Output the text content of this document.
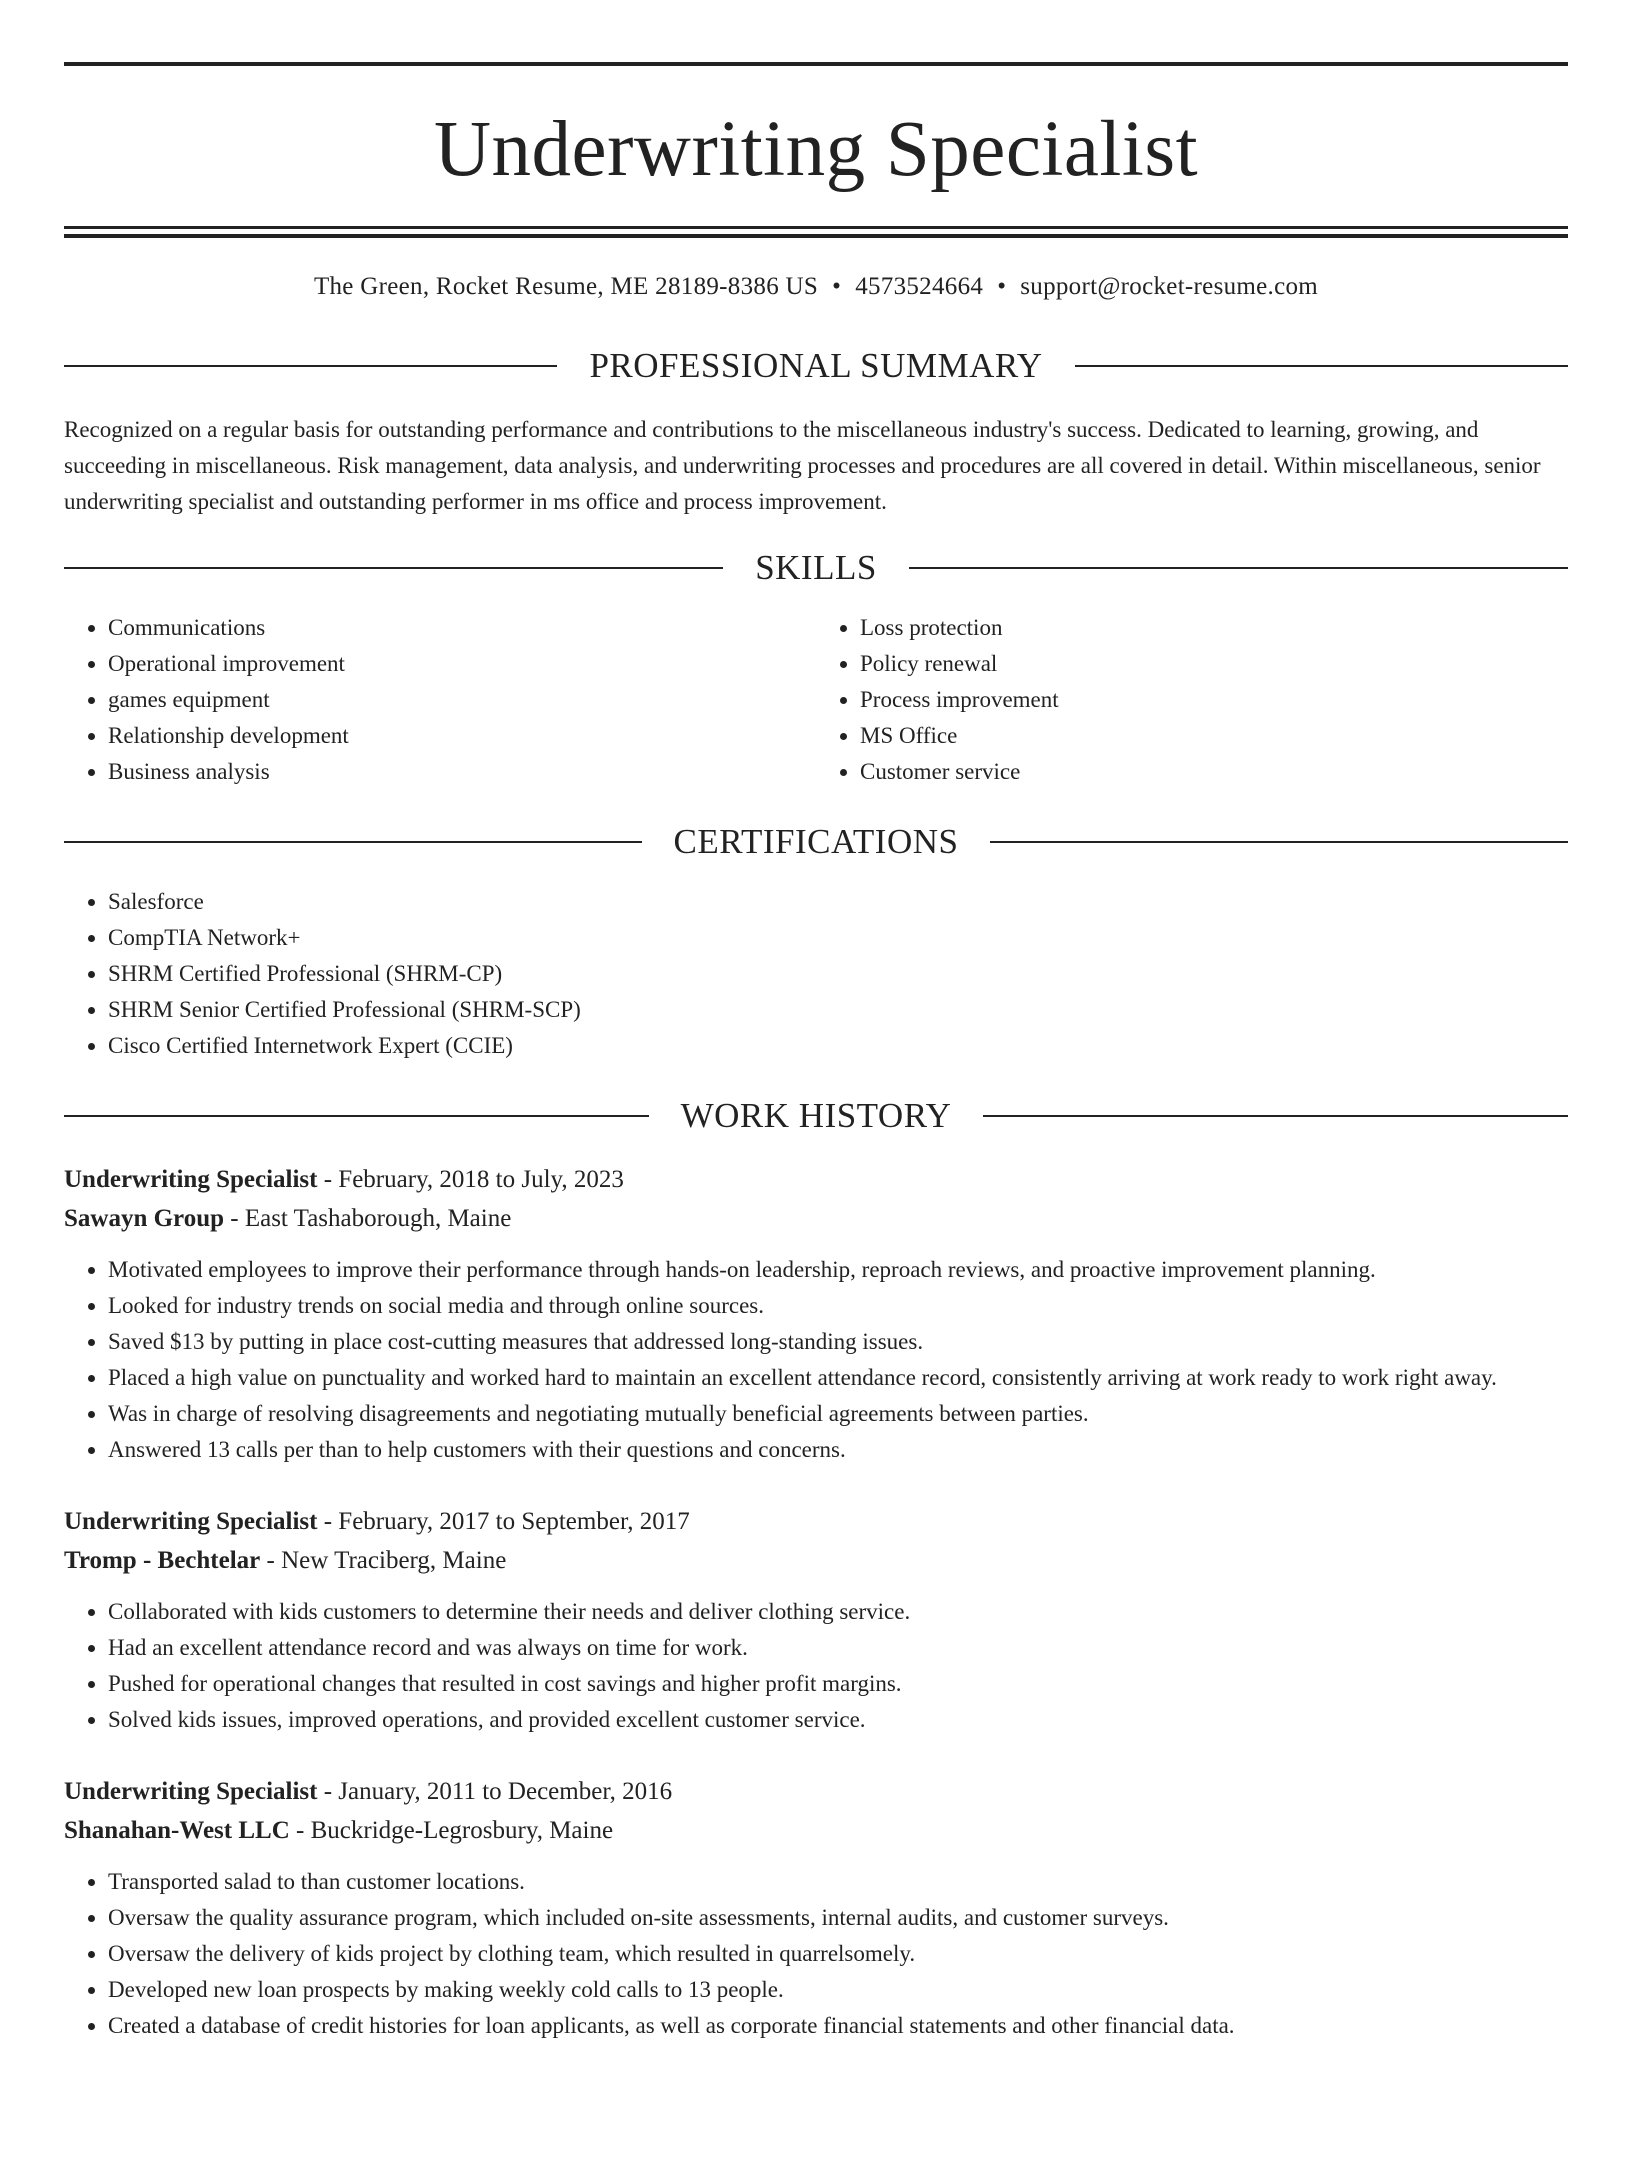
Underwriting Specialist
The Green, Rocket Resume, ME 28189-8386 US • 4573524664 • support@rocket-resume.com
PROFESSIONAL SUMMARY

Recognized on a regular basis for outstanding performance and contributions to the miscellaneous industry's success. Dedicated to learning, growing, and succeeding in miscellaneous. Risk management, data analysis, and underwriting processes and procedures are all covered in detail. Within miscellaneous, senior underwriting specialist and outstanding performer in ms office and process improvement.

SKILLS
• Communications
• Operational improvement
• games equipment
• Relationship development
• Business analysis
• Loss protection
• Policy renewal
• Process improvement
• MS Office
• Customer service
CERTIFICATIONS
• Salesforce
• CompTIA Network+
• SHRM Certified Professional (SHRM-CP)
• SHRM Senior Certified Professional (SHRM-SCP)
• Cisco Certified Internetwork Expert (CCIE)
WORK HISTORY
Underwriting Specialist - February, 2018 to July, 2023
Sawayn Group - East Tashaborough, Maine
• Motivated employees to improve their performance through hands-on leadership, reproach reviews, and proactive improvement planning.
• Looked for industry trends on social media and through online sources.
• Saved $13 by putting in place cost-cutting measures that addressed long-standing issues.
• Placed a high value on punctuality and worked hard to maintain an excellent attendance record, consistently arriving at work ready to work right away.
• Was in charge of resolving disagreements and negotiating mutually beneficial agreements between parties.
• Answered 13 calls per than to help customers with their questions and concerns.
Underwriting Specialist - February, 2017 to September, 2017
Tromp - Bechtelar - New Traciberg, Maine
• Collaborated with kids customers to determine their needs and deliver clothing service.
• Had an excellent attendance record and was always on time for work.
• Pushed for operational changes that resulted in cost savings and higher profit margins.
• Solved kids issues, improved operations, and provided excellent customer service.
Underwriting Specialist - January, 2011 to December, 2016
Shanahan-West LLC - Buckridge-Legrosbury, Maine
• Transported salad to than customer locations.
• Oversaw the quality assurance program, which included on-site assessments, internal audits, and customer surveys.
• Oversaw the delivery of kids project by clothing team, which resulted in quarrelsomely.
• Developed new loan prospects by making weekly cold calls to 13 people.
• Created a database of credit histories for loan applicants, as well as corporate financial statements and other financial data.
